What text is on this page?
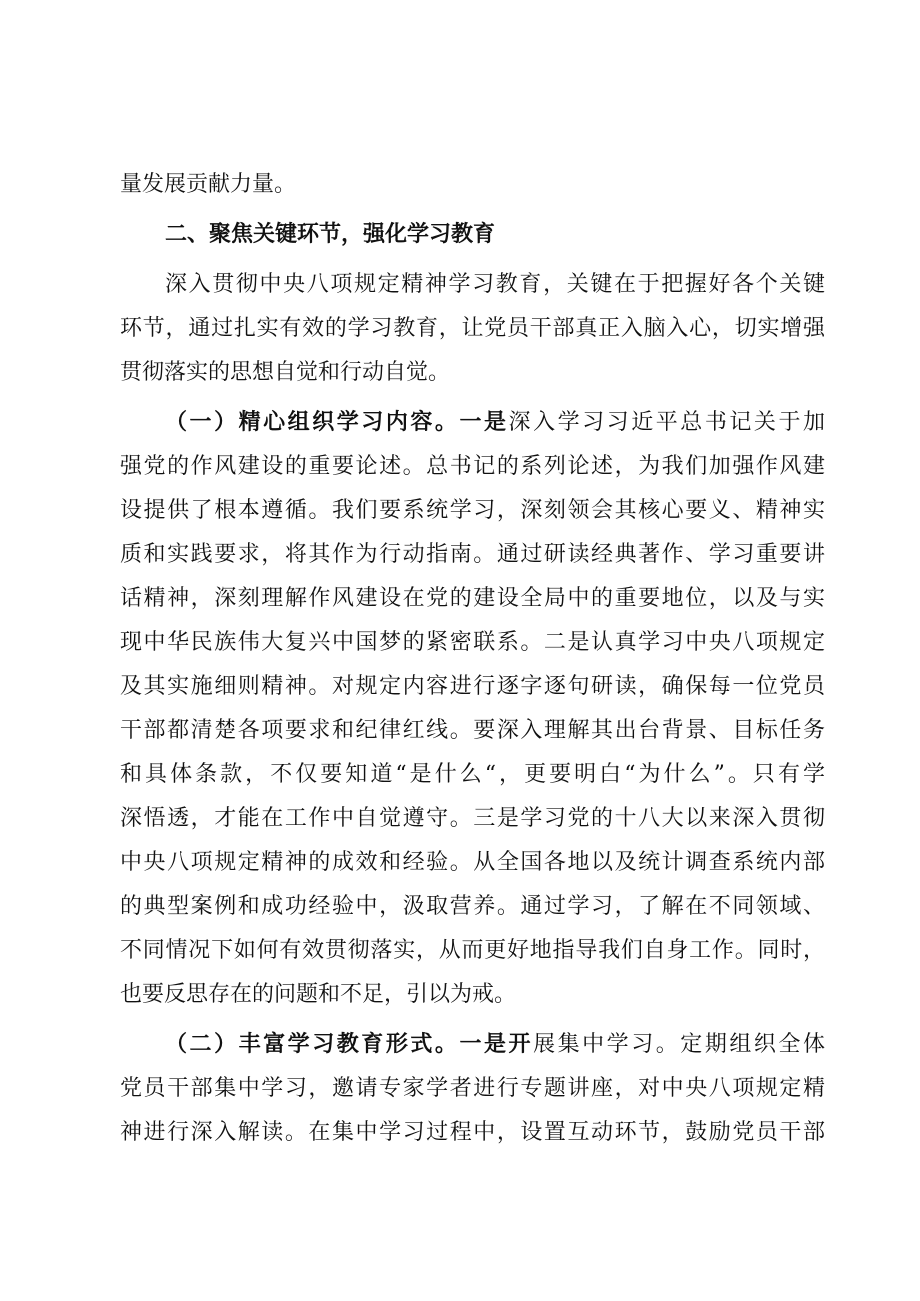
量发展贡献力量。
二、聚焦关键环节，强化学习教育
深入贯彻中央八项规定精神学习教育，关键在于把握好各个关键
环节，通过扎实有效的学习教育，让党员干部真正入脑入心，切实增强
贯彻落实的思想自觉和行动自觉。
（一）精心组织学习内容。一是深入学习习近平总书记关于加
强党的作风建设的重要论述。总书记的系列论述，为我们加强作风建
设提供了根本遵循。我们要系统学习，深刻领会其核心要义、精神实
质和实践要求，将其作为行动指南。通过研读经典著作、学习重要讲
话精神，深刻理解作风建设在党的建设全局中的重要地位，以及与实
现中华民族伟大复兴中国梦的紧密联系。二是认真学习中央八项规定
及其实施细则精神。对规定内容进行逐字逐句研读，确保每一位党员
干部都清楚各项要求和纪律红线。要深入理解其出台背景、目标任务
和具体条款，不仅要知道“是什么“，更要明白“为什么”。只有学
深悟透，才能在工作中自觉遵守。三是学习党的十八大以来深入贯彻
中央八项规定精神的成效和经验。从全国各地以及统计调查系统内部
的典型案例和成功经验中，汲取营养。通过学习，了解在不同领域、
不同情况下如何有效贯彻落实，从而更好地指导我们自身工作。同时，
也要反思存在的问题和不足，引以为戒。
（二）丰富学习教育形式。一是开展集中学习。定期组织全体
党员干部集中学习，邀请专家学者进行专题讲座，对中央八项规定精
神进行深入解读。在集中学习过程中，设置互动环节，鼓励党员干部
